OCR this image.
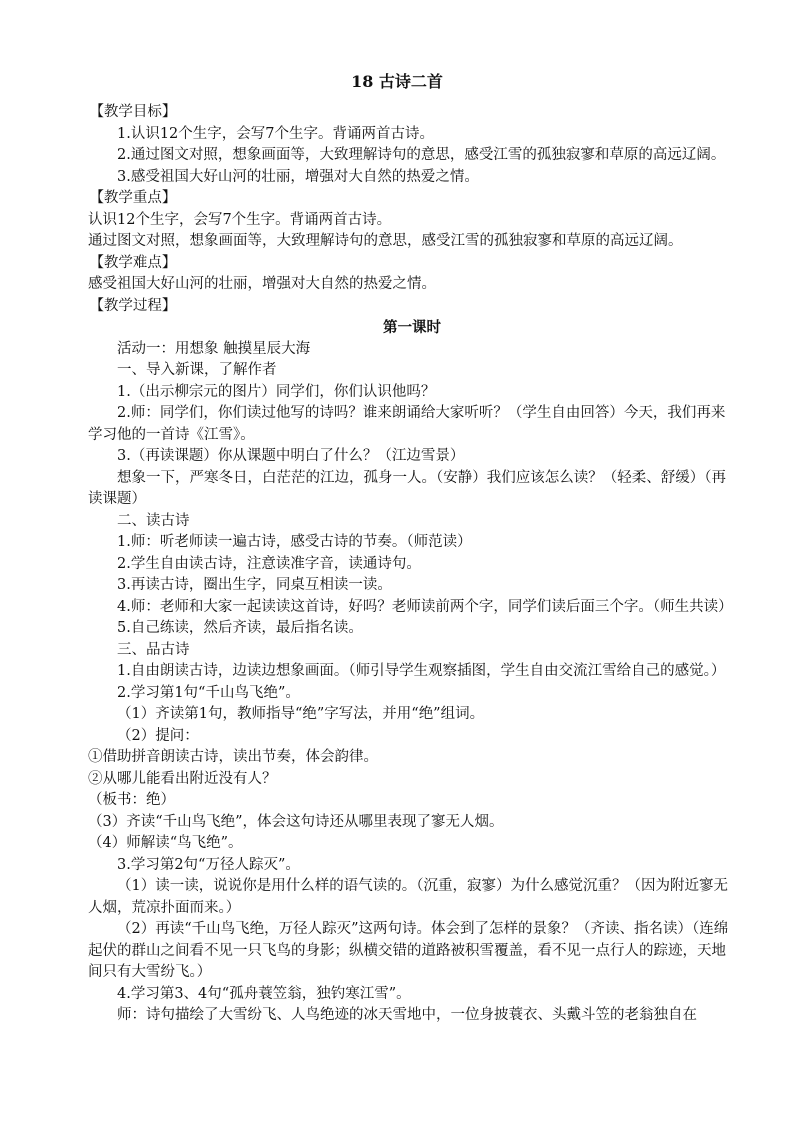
18 古诗二首

【教学目标】

1.认识12个生字，会写7个生字。背诵两首古诗。

2.通过图文对照，想象画面等，大致理解诗句的意思，感受江雪的孤独寂寥和草原的高远辽阔。

3.感受祖国大好山河的壮丽，增强对大自然的热爱之情。

【教学重点】

认识12个生字，会写7个生字。背诵两首古诗。

通过图文对照，想象画面等，大致理解诗句的意思，感受江雪的孤独寂寥和草原的高远辽阔。

【教学难点】

感受祖国大好山河的壮丽，增强对大自然的热爱之情。

【教学过程】

第一课时

活动一：用想象 触摸星辰大海

一、导入新课，了解作者

1.（出示柳宗元的图片）同学们，你们认识他吗？

2.师：同学们，你们读过他写的诗吗？谁来朗诵给大家听听？（学生自由回答）今天，我们再来学习他的一首诗《江雪》。

3.（再读课题）你从课题中明白了什么？（江边雪景）

想象一下，严寒冬日，白茫茫的江边，孤身一人。（安静）我们应该怎么读？（轻柔、舒缓）（再读课题）

二、读古诗

1.师：听老师读一遍古诗，感受古诗的节奏。（师范读）

2.学生自由读古诗，注意读准字音，读通诗句。

3.再读古诗，圈出生字，同桌互相读一读。

4.师：老师和大家一起读读这首诗，好吗？老师读前两个字，同学们读后面三个字。（师生共读）

5.自己练读，然后齐读，最后指名读。

三、品古诗

1.自由朗读古诗，边读边想象画面。（师引导学生观察插图，学生自由交流江雪给自己的感觉。）

2.学习第1句“千山鸟飞绝”。

（1）齐读第1句，教师指导“绝”字写法，并用“绝”组词。

（2）提问：

①借助拼音朗读古诗，读出节奏，体会韵律。

②从哪儿能看出附近没有人？

（板书：绝）

（3）齐读“千山鸟飞绝”，体会这句诗还从哪里表现了寥无人烟。

（4）师解读“鸟飞绝”。

3.学习第2句“万径人踪灭”。

（1）读一读，说说你是用什么样的语气读的。（沉重，寂寥）为什么感觉沉重？（因为附近寥无人烟，荒凉扑面而来。）

（2）再读“千山鸟飞绝，万径人踪灭”这两句诗。体会到了怎样的景象？（齐读、指名读）（连绵起伏的群山之间看不见一只飞鸟的身影；纵横交错的道路被积雪覆盖，看不见一点行人的踪迹，天地间只有大雪纷飞。）

4.学习第3、4句“孤舟蓑笠翁，独钓寒江雪”。

师：诗句描绘了大雪纷飞、人鸟绝迹的冰天雪地中，一位身披蓑衣、头戴斗笠的老翁独自在
